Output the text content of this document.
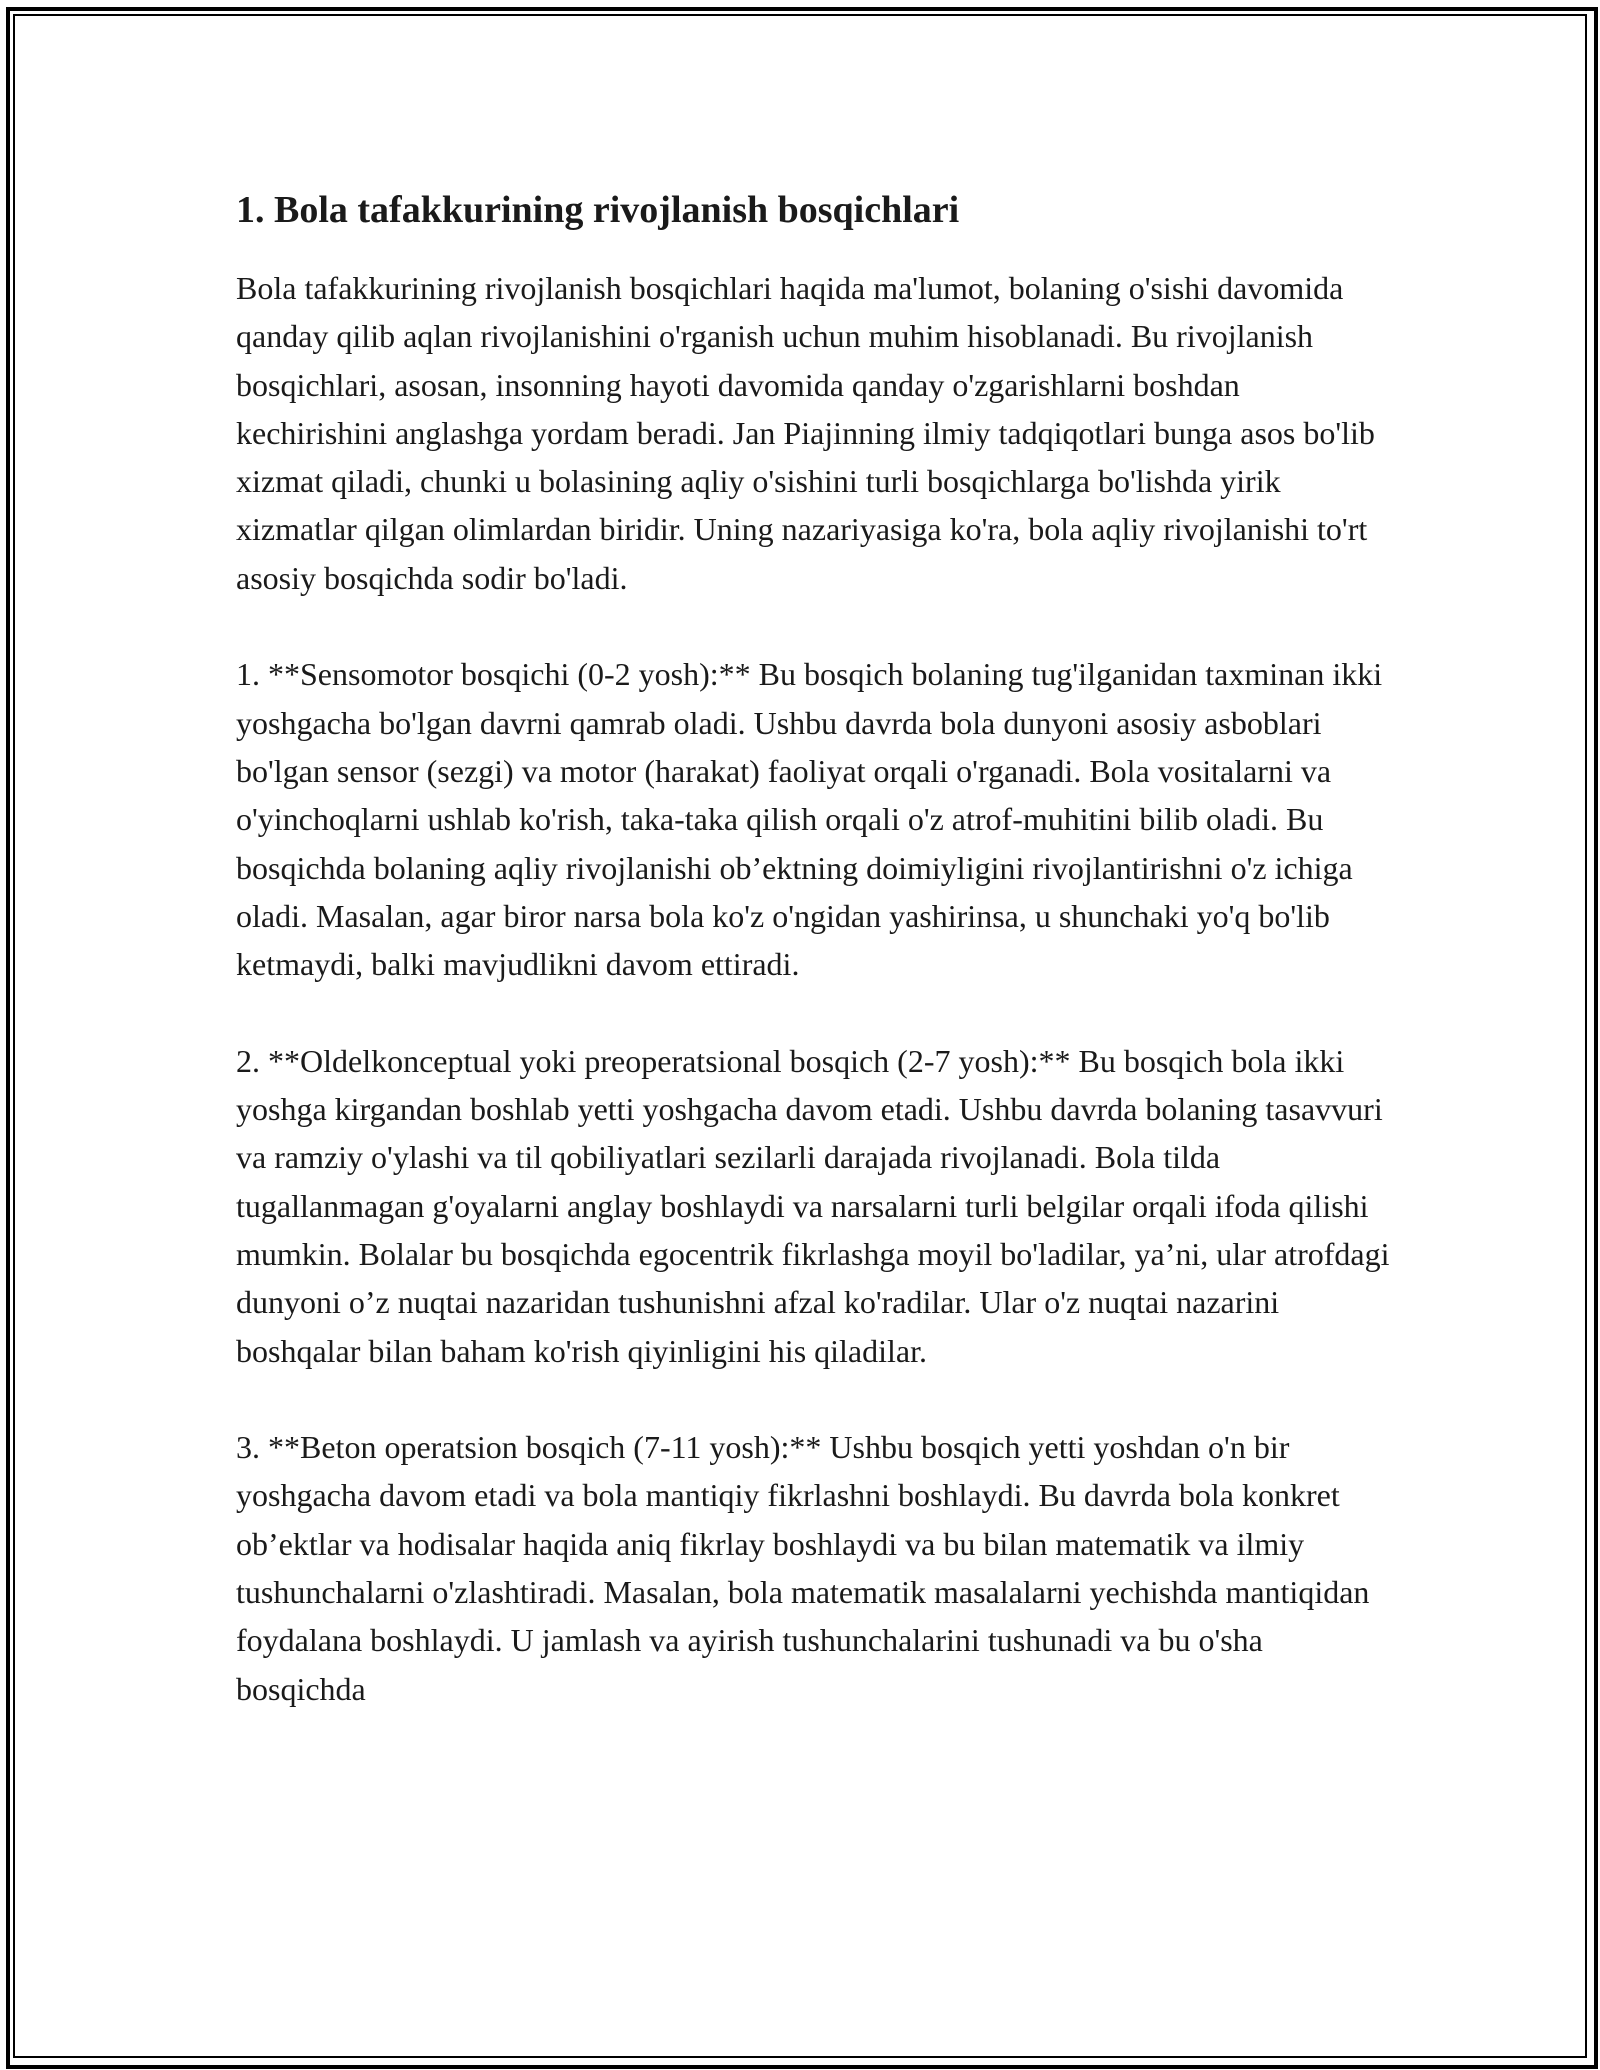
1. Bola tafakkurining rivojlanish bosqichlari

Bola tafakkurining rivojlanish bosqichlari haqida ma'lumot, bolaning o'sishi davomida qanday qilib aqlan rivojlanishini o'rganish uchun muhim hisoblanadi. Bu rivojlanish bosqichlari, asosan, insonning hayoti davomida qanday o'zgarishlarni boshdan kechirishini anglashga yordam beradi. Jan Piajinning ilmiy tadqiqotlari bunga asos bo'lib xizmat qiladi, chunki u bolasining aqliy o'sishini turli bosqichlarga bo'lishda yirik xizmatlar qilgan olimlardan biridir. Uning nazariyasiga ko'ra, bola aqliy rivojlanishi to'rt asosiy bosqichda sodir bo'ladi.

1. **Sensomotor bosqichi (0-2 yosh):** Bu bosqich bolaning tug'ilganidan taxminan ikki yoshgacha bo'lgan davrni qamrab oladi. Ushbu davrda bola dunyoni asosiy asboblari bo'lgan sensor (sezgi) va motor (harakat) faoliyat orqali o'rganadi. Bola vositalarni va o'yinchoqlarni ushlab ko'rish, taka-taka qilish orqali o'z atrof-muhitini bilib oladi. Bu bosqichda bolaning aqliy rivojlanishi ob’ektning doimiyligini rivojlantirishni o'z ichiga oladi. Masalan, agar biror narsa bola ko'z o'ngidan yashirinsa, u shunchaki yo'q bo'lib ketmaydi, balki mavjudlikni davom ettiradi.

2. **Oldelkonceptual yoki preoperatsional bosqich (2-7 yosh):** Bu bosqich bola ikki yoshga kirgandan boshlab yetti yoshgacha davom etadi. Ushbu davrda bolaning tasavvuri va ramziy o'ylashi va til qobiliyatlari sezilarli darajada rivojlanadi. Bola tilda tugallanmagan g'oyalarni anglay boshlaydi va narsalarni turli belgilar orqali ifoda qilishi mumkin. Bolalar bu bosqichda egocentrik fikrlashga moyil bo'ladilar, ya’ni, ular atrofdagi dunyoni o’z nuqtai nazaridan tushunishni afzal ko'radilar. Ular o'z nuqtai nazarini boshqalar bilan baham ko'rish qiyinligini his qiladilar.

3. **Beton operatsion bosqich (7-11 yosh):** Ushbu bosqich yetti yoshdan o'n bir yoshgacha davom etadi va bola mantiqiy fikrlashni boshlaydi. Bu davrda bola konkret ob’ektlar va hodisalar haqida aniq fikrlay boshlaydi va bu bilan matematik va ilmiy tushunchalarni o'zlashtiradi. Masalan, bola matematik masalalarni yechishda mantiqidan foydalana boshlaydi. U jamlash va ayirish tushunchalarini tushunadi va bu o'sha bosqichda
